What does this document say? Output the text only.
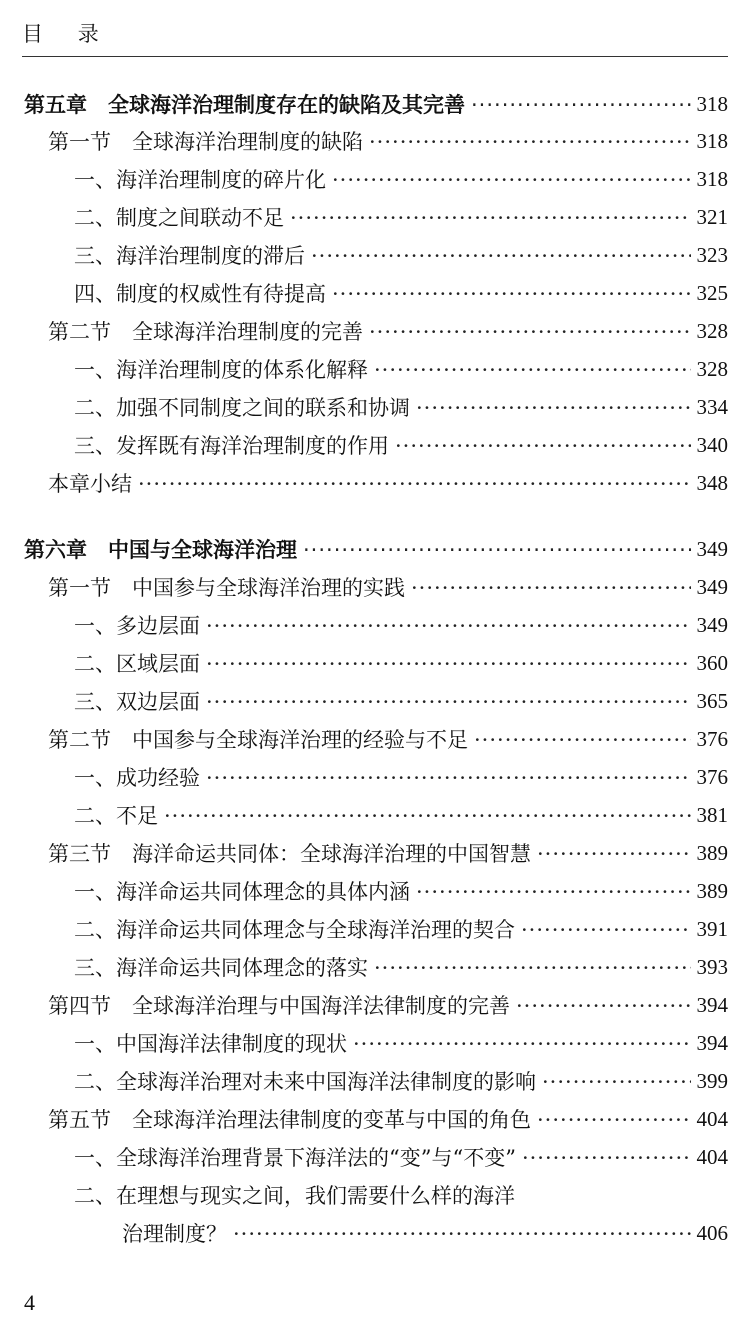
目 录
第五章　全球海洋治理制度存在的缺陷及其完善 ·····	318
第一节　全球海洋治理制度的缺陷 ·····	318
一、海洋治理制度的碎片化 ·····	318
二、制度之间联动不足 ·····	321
三、海洋治理制度的滞后 ·····	323
四、制度的权威性有待提高 ·····	325
第二节　全球海洋治理制度的完善 ·····	328
一、海洋治理制度的体系化解释 ·····	328
二、加强不同制度之间的联系和协调 ·····	334
三、发挥既有海洋治理制度的作用 ·····	340
本章小结 ·····	348
第六章　中国与全球海洋治理 ·····	349
第一节　中国参与全球海洋治理的实践 ·····	349
一、多边层面 ·····	349
二、区域层面 ·····	360
三、双边层面 ·····	365
第二节　中国参与全球海洋治理的经验与不足 ·····	376
一、成功经验 ·····	376
二、不足 ·····	381
第三节　海洋命运共同体：全球海洋治理的中国智慧 ·····	389
一、海洋命运共同体理念的具体内涵 ·····	389
二、海洋命运共同体理念与全球海洋治理的契合 ·····	391
三、海洋命运共同体理念的落实 ·····	393
第四节　全球海洋治理与中国海洋法律制度的完善 ·····	394
一、中国海洋法律制度的现状 ·····	394
二、全球海洋治理对未来中国海洋法律制度的影响 ·····	399
第五节　全球海洋治理法律制度的变革与中国的角色 ·····	404
一、全球海洋治理背景下海洋法的“变”与“不变” ·····	404
二、在理想与现实之间，我们需要什么样的海洋
治理制度？ ·····	406
4
